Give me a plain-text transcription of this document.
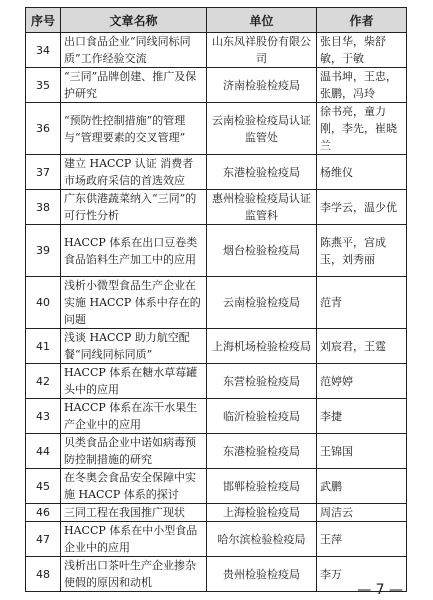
序号	文章名称	单位	作者
34	出口食品企业“同线同标同质”工作经验交流	山东凤祥股份有限公司	张目华，柴舒敏，于敏
35	“三同”品牌创建、推广及保护研究	济南检验检疫局	温书坤，王忠，张鹏，冯玲
36	“预防性控制措施”的管理与“管理要素的交叉管理”	云南检验检疫局认证监管处	徐书亮，童力刚，李先，崔晓兰
37	建立 HACCP 认证 消费者市场政府采信的首选效应	东港检验检疫局	杨维仪
38	广东供港蔬菜纳入“三同”的可行性分析	惠州检验检疫局认证监管科	李学云，温少优
39	HACCP 体系在出口豆卷类食品馅料生产加工中的应用	烟台检验检疫局	陈燕平，宫成玉，刘秀丽
40	浅析小微型食品生产企业在实施 HACCP 体系中存在的问题	云南检验检疫局	范青
41	浅谈 HACCP 助力航空配餐“同线同标同质”	上海机场检验检疫局	刘宸君，王霆
42	HACCP 体系在糖水草莓罐头中的应用	东营检验检疫局	范婷婷
43	HACCP 体系在冻干水果生产企业中的应用	临沂检验检疫局	李捷
44	贝类食品企业中诺如病毒预防控制措施的研究	东港检验检疫局	王锦国
45	在冬奥会食品安全保障中实施 HACCP 体系的探讨	邯郸检验检疫局	武鹏
46	三同工程在我国推广现状	上海检验检疫局	周洁云
47	HACCP 体系在中小型食品企业中的应用	哈尔滨检验检疫局	王萍
48	浅析出口茶叶生产企业掺杂使假的原因和动机	贵州检验检疫局	李万
— 7 —
